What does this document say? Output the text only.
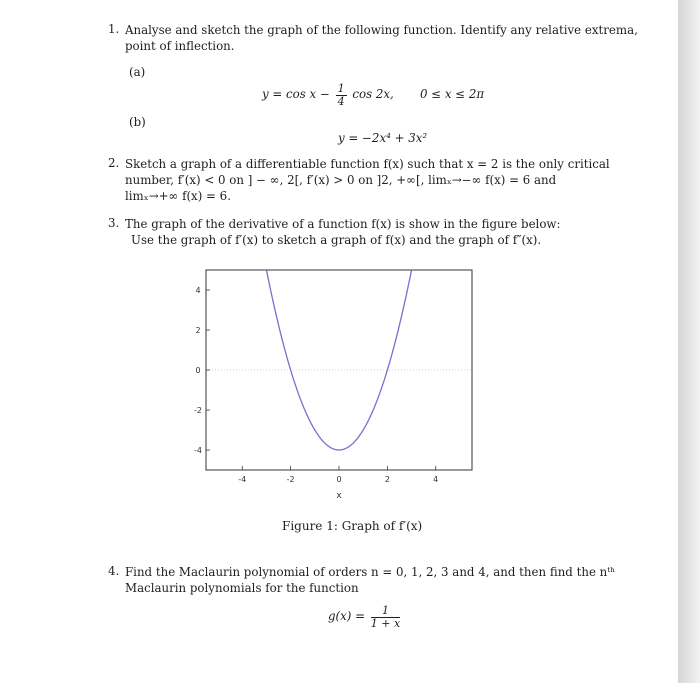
1. Analyse and sketch the graph of the following function. Identify any relative extrema,
point of inflection.
(a)
$y = \cos x - \frac{1}{4}$ cos 2x, 0 ≤ x ≤ 2π
(b)
y = −2x⁴ + 3x²
2. Sketch a graph of a differentiable function f(x) such that x = 2 is the only critical
number, f′(x) < 0 on ] − ∞, 2[, f′(x) > 0 on ]2, +∞[, limₓ→−∞ f(x) = 6 and
limₓ→+∞ f(x) = 6.
3. The graph of the derivative of a function f(x) is show in the figure below:
Use the graph of f′(x) to sketch a graph of f(x) and the graph of f″(x).
-4	-2	0	2	4
-4
-2
0
2
4
x
Figure 1: Graph of f′(x)
4. Find the Maclaurin polynomial of orders n = 0, 1, 2, 3 and 4, and then find the nᵗʰ
Maclaurin polynomials for the function
$g(x) = \frac{1}{1 + x}$
